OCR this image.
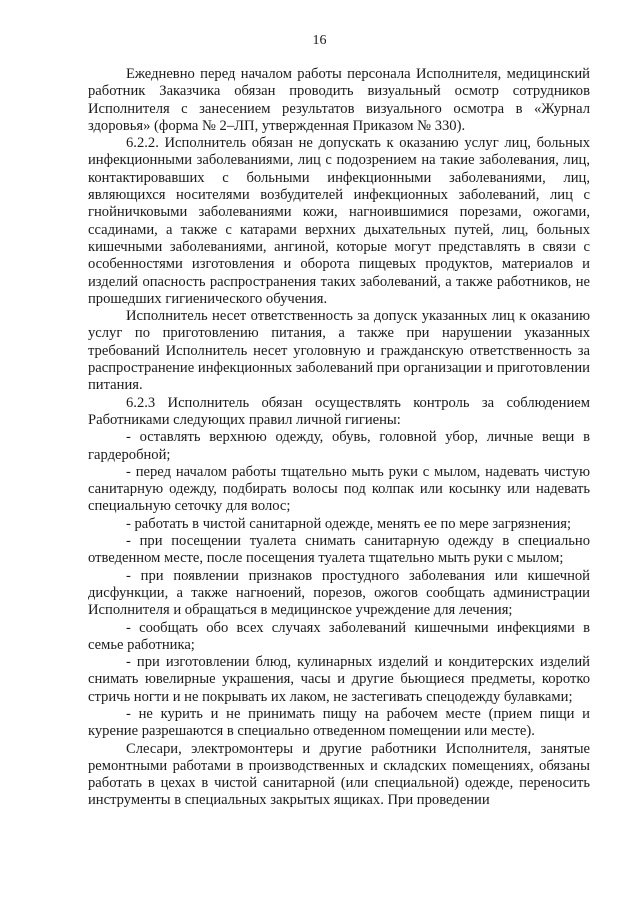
16

Ежедневно перед началом работы персонала Исполнителя, медицинский работник Заказчика обязан проводить визуальный осмотр сотрудников Исполнителя с занесением результатов визуального осмотра в «Журнал здоровья» (форма № 2–ЛП, утвержденная Приказом № 330).

6.2.2. Исполнитель обязан не допускать к оказанию услуг лиц, больных инфекционными заболеваниями, лиц с подозрением на такие заболевания, лиц, контактировавших с больными инфекционными заболеваниями, лиц, являющихся носителями возбудителей инфекционных заболеваний, лиц с гнойничковыми заболеваниями кожи, нагноившимися порезами, ожогами, ссадинами, а также с катарами верхних дыхательных путей, лиц, больных кишечными заболеваниями, ангиной, которые могут представлять в связи с особенностями изготовления и оборота пищевых продуктов, материалов и изделий опасность распространения таких заболеваний, а также работников, не прошедших гигиенического обучения.

Исполнитель несет ответственность за допуск указанных лиц к оказанию услуг по приготовлению питания, а также при нарушении указанных требований Исполнитель несет уголовную и гражданскую ответственность за распространение инфекционных заболеваний при организации и приготовлении питания.

6.2.3 Исполнитель обязан осуществлять контроль за соблюдением Работниками следующих правил личной гигиены:

- оставлять верхнюю одежду, обувь, головной убор, личные вещи в гардеробной;

- перед началом работы тщательно мыть руки с мылом, надевать чистую санитарную одежду, подбирать волосы под колпак или косынку или надевать специальную сеточку для волос;

- работать в чистой санитарной одежде, менять ее по мере загрязнения;

- при посещении туалета снимать санитарную одежду в специально отведенном месте, после посещения туалета тщательно мыть руки с мылом;

- при появлении признаков простудного заболевания или кишечной дисфункции, а также нагноений, порезов, ожогов сообщать администрации Исполнителя и обращаться в медицинское учреждение для лечения;

- сообщать обо всех случаях заболеваний кишечными инфекциями в семье работника;

- при изготовлении блюд, кулинарных изделий и кондитерских изделий снимать ювелирные украшения, часы и другие бьющиеся предметы, коротко стричь ногти и не покрывать их лаком, не застегивать спецодежду булавками;

- не курить и не принимать пищу на рабочем месте (прием пищи и курение разрешаются в специально отведенном помещении или месте).

Слесари, электромонтеры и другие работники Исполнителя, занятые ремонтными работами в производственных и складских помещениях, обязаны работать в цехах в чистой санитарной (или специальной) одежде, переносить инструменты в специальных закрытых ящиках. При проведении
